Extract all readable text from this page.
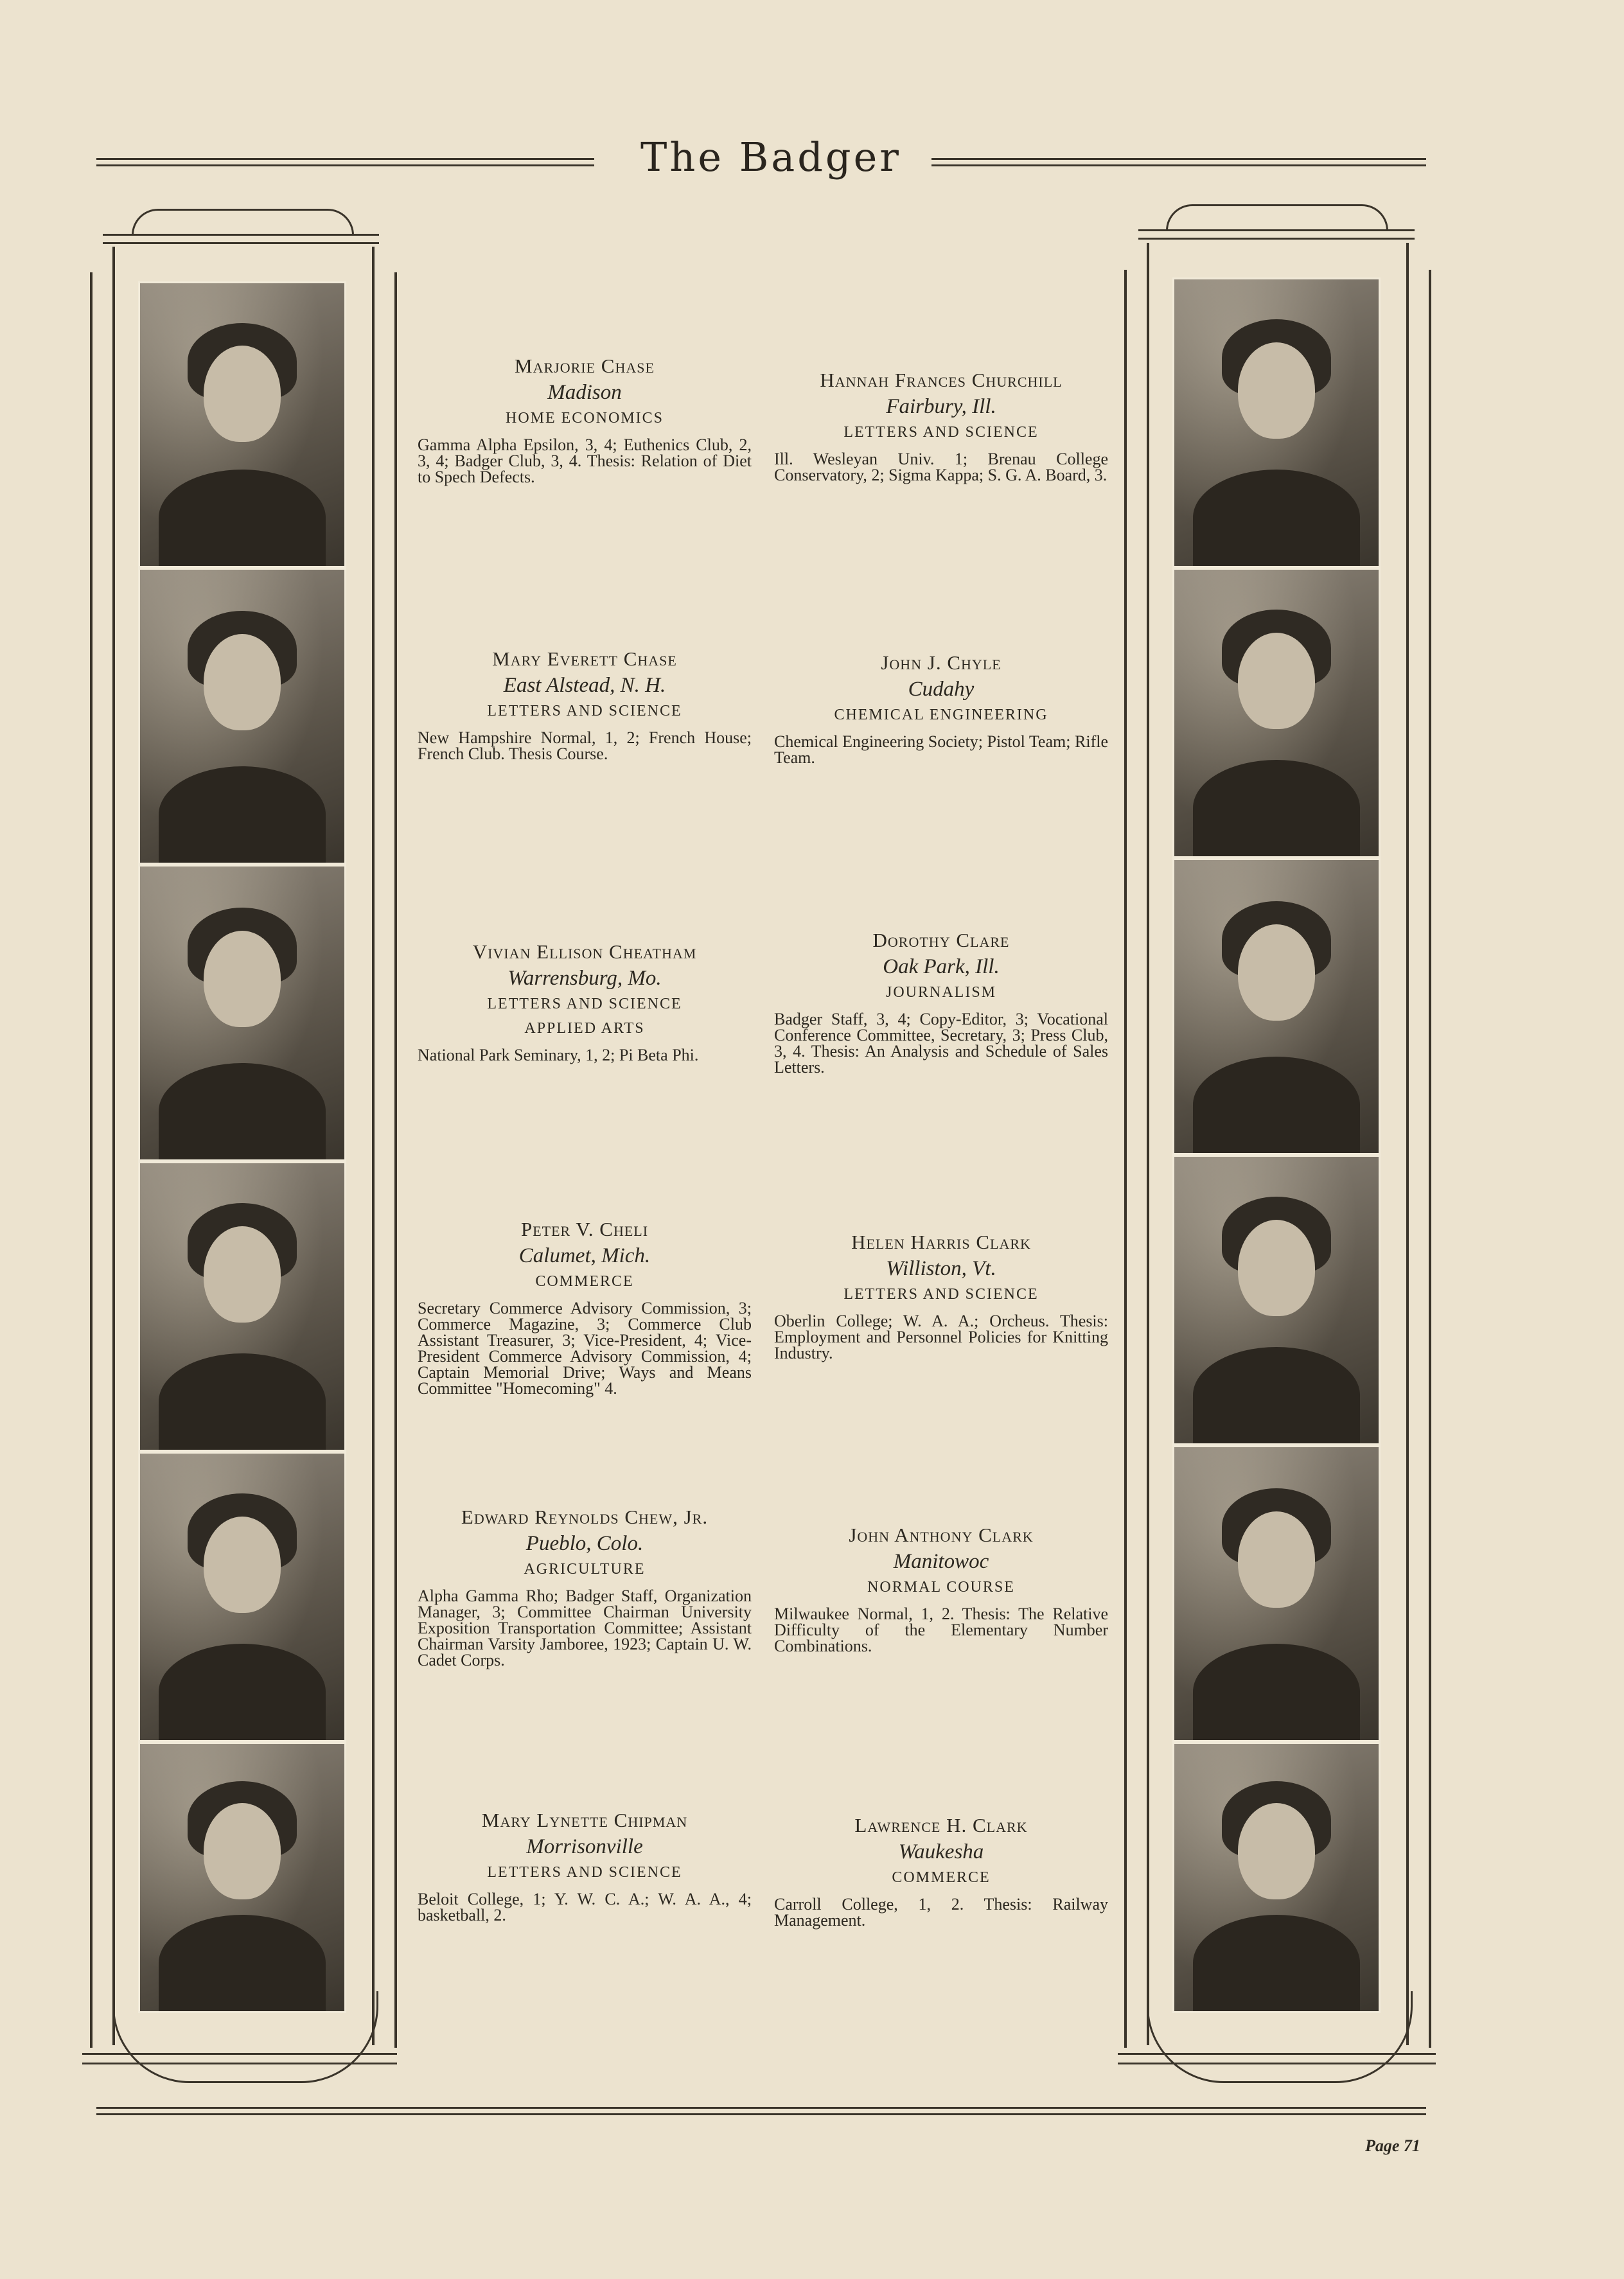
The Badger
Marjorie Chase
Madison
HOME ECONOMICS
Gamma Alpha Epsilon, 3, 4; Euthenics Club, 2, 3, 4; Badger Club, 3, 4. Thesis: Relation of Diet to Spech Defects.
Mary Everett Chase
East Alstead, N. H.
LETTERS AND SCIENCE
New Hampshire Normal, 1, 2; French House; French Club. Thesis Course.
Vivian Ellison Cheatham
Warrensburg, Mo.
LETTERS AND SCIENCE
APPLIED ARTS
National Park Seminary, 1, 2; Pi Beta Phi.
Peter V. Cheli
Calumet, Mich.
COMMERCE
Secretary Commerce Advisory Commission, 3; Commerce Magazine, 3; Commerce Club Assistant Treasurer, 3; Vice-President, 4; Vice-President Commerce Advisory Commission, 4; Captain Memorial Drive; Ways and Means Committee "Homecoming" 4.
Edward Reynolds Chew, Jr.
Pueblo, Colo.
AGRICULTURE
Alpha Gamma Rho; Badger Staff, Organization Manager, 3; Committee Chairman University Exposition Transportation Committee; Assistant Chairman Varsity Jamboree, 1923; Captain U. W. Cadet Corps.
Mary Lynette Chipman
Morrisonville
LETTERS AND SCIENCE
Beloit College, 1; Y. W. C. A.; W. A. A., 4; basketball, 2.
Hannah Frances Churchill
Fairbury, Ill.
LETTERS AND SCIENCE
Ill. Wesleyan Univ. 1; Brenau College Conservatory, 2; Sigma Kappa; S. G. A. Board, 3.
John J. Chyle
Cudahy
CHEMICAL ENGINEERING
Chemical Engineering Society; Pistol Team; Rifle Team.
Dorothy Clare
Oak Park, Ill.
JOURNALISM
Badger Staff, 3, 4; Copy-Editor, 3; Vocational Conference Committee, Secretary, 3; Press Club, 3, 4. Thesis: An Analysis and Schedule of Sales Letters.
Helen Harris Clark
Williston, Vt.
LETTERS AND SCIENCE
Oberlin College; W. A. A.; Orcheus. Thesis: Employment and Personnel Policies for Knitting Industry.
John Anthony Clark
Manitowoc
NORMAL COURSE
Milwaukee Normal, 1, 2. Thesis: The Relative Difficulty of the Elementary Number Combinations.
Lawrence H. Clark
Waukesha
COMMERCE
Carroll College, 1, 2. Thesis: Railway Management.
Page 71
